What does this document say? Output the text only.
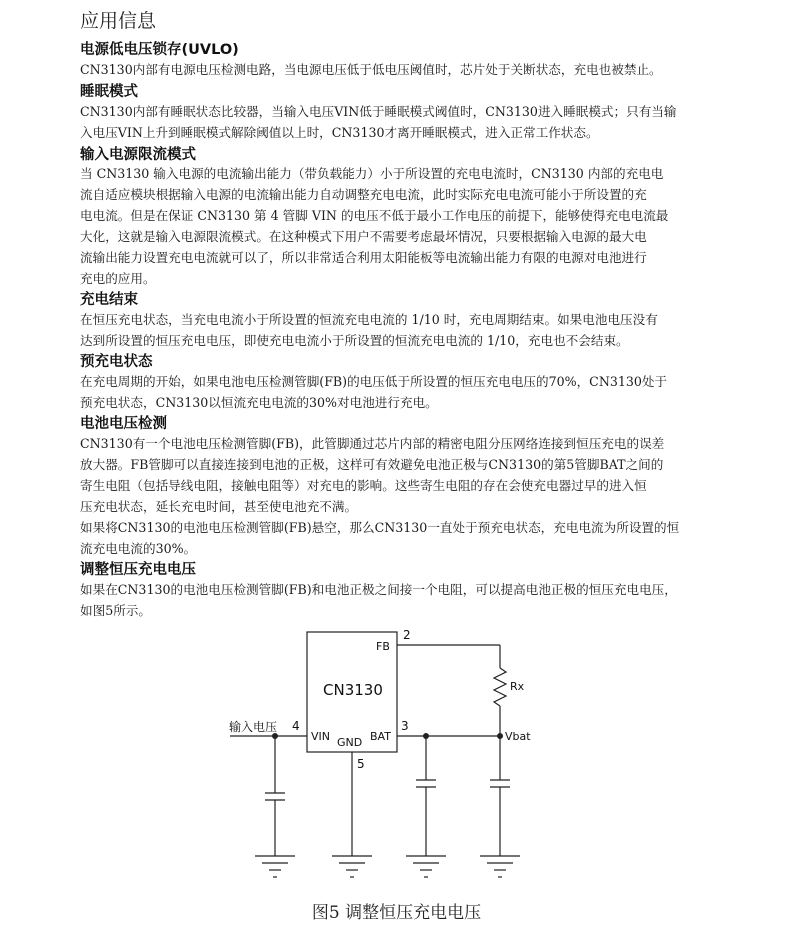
应用信息
电源低电压锁存(UVLO)
CN3130内部有电源电压检测电路，当电源电压低于低电压阈值时，芯片处于关断状态，充电也被禁止。
睡眠模式
CN3130内部有睡眠状态比较器，当输入电压VIN低于睡眠模式阈值时，CN3130进入睡眠模式；只有当输
入电压VIN上升到睡眠模式解除阈值以上时，CN3130才离开睡眠模式，进入正常工作状态。
输入电源限流模式
当 CN3130 输入电源的电流输出能力（带负载能力）小于所设置的充电电流时，CN3130 内部的充电电
流自适应模块根据输入电源的电流输出能力自动调整充电电流，此时实际充电电流可能小于所设置的充
电电流。但是在保证 CN3130 第 4 管脚 VIN 的电压不低于最小工作电压的前提下，能够使得充电电流最
大化，这就是输入电源限流模式。在这种模式下用户不需要考虑最坏情况，只要根据输入电源的最大电
流输出能力设置充电电流就可以了，所以非常适合利用太阳能板等电流输出能力有限的电源对电池进行
充电的应用。
充电结束
在恒压充电状态，当充电电流小于所设置的恒流充电电流的 1/10 时，充电周期结束。如果电池电压没有
达到所设置的恒压充电电压，即使充电电流小于所设置的恒流充电电流的 1/10，充电也不会结束。
预充电状态
在充电周期的开始，如果电池电压检测管脚(FB)的电压低于所设置的恒压充电电压的70%，CN3130处于
预充电状态，CN3130以恒流充电电流的30%对电池进行充电。
电池电压检测
CN3130有一个电池电压检测管脚(FB)，此管脚通过芯片内部的精密电阻分压网络连接到恒压充电的误差
放大器。FB管脚可以直接连接到电池的正极，这样可有效避免电池正极与CN3130的第5管脚BAT之间的
寄生电阻（包括导线电阻，接触电阻等）对充电的影响。这些寄生电阻的存在会使充电器过早的进入恒
压充电状态，延长充电时间，甚至使电池充不满。
如果将CN3130的电池电压检测管脚(FB)悬空，那么CN3130一直处于预充电状态，充电电流为所设置的恒
流充电电流的30%。
调整恒压充电电压
如果在CN3130的电池电压检测管脚(FB)和电池正极之间接一个电阻，可以提高电池正极的恒压充电电压，
如图5所示。
CN3130
FB
VIN GND BAT
2
4	3
5
输入电压
Rx
Vbat
图5 调整恒压充电电压
